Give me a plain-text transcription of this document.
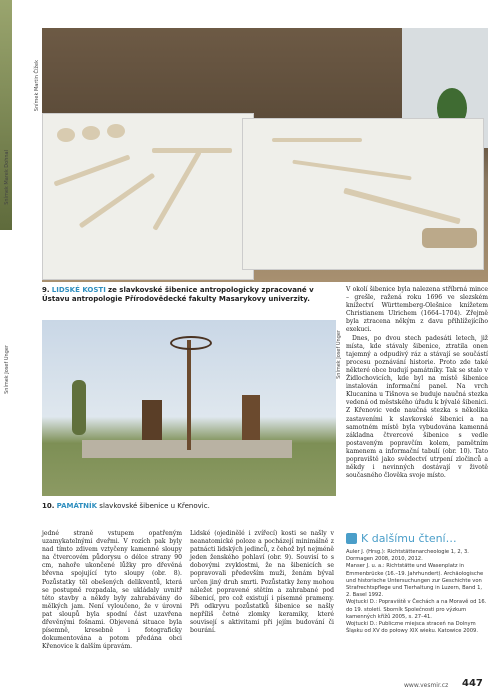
Snímek Marek Dohnal
Snímek Josef Unger
Snímek Martin Čížek
9. LIDSKÉ KOSTI ze slavkovské šibenice antropologicky zpracované v Ústavu antropologie Přírodovědecké fakulty Masarykovy univerzity.

V okolí šibenice byla nalezena stříbrná mince – grešle, ražená roku 1696 ve slezském knížectví Württemberg-Olešnice knížetem Christianem Ulrichem (1664–1704). Zřejmě byla ztracena někým z davu přihlížejícího exekuci.

Dnes, po dvou stech padesáti letech, již místa, kde stávaly šibenice, ztratila onen tajemný a odpudivý ráz a stávají se součástí procesu poznávání historie. Proto zde také některé obce budují památníky. Tak se stalo v Židlochovicích, kde byl na místě šibenice instalován informační panel. Na vrch Klucanina u Tišnova se buduje naučná stezka vedená od městského úřadu k bývalé šibenici. Z Křenovic vede naučná stezka s několika zastaveními k slavkovské šibenici a na samotném místě byla vybudována kamenná základna čtvercové šibenice s vedle postaveným popravčím kolem, pamětním kamenem a informační tabulí (obr. 10). Tato popraviště jako svědectví utrpení zločinců a někdy i nevinných dostávají v životě současného člověka svoje místo.

Snímek Josef Unger
10. PAMÁTNÍK slavkovské šibenice u Křenovic.

jedné straně vstupem opatřeným uzamykatelnými dveřmi. V rozích pak byly nad tímto zdivem vztyčeny kamenné sloupy na čtvercovém půdorysu o délce strany 90 cm, nahoře ukončené lůžky pro dřevěná břevna spojující tyto sloupy (obr. 8). Pozůstatky těl obešených delikventů, která se postupně rozpadala, se ukládaly uvnitř této stavby a někdy byly zahrabávány do mělkých jam. Není vyloučeno, že v úrovni pat sloupů byla spodní část uzavřena dřevěnými fošnami. Objevená situace byla písemně, kresebně i fotograficky dokumentována a potom předána obci Křenovice k dalším úpravám.

Lidské (ojedinělé i zvířecí) kosti se našly v neanatomické poloze a pocházejí minimálně z patnácti lidských jedinců, z čehož byl nejméně jeden ženského pohlaví (obr. 9). Souvisí to s dobovými zvyklostmi, že na šibenicích se popravovali především muži, ženám býval určen jiný druh smrti. Pozůstatky ženy mohou náležet popravené stětím a zahrabané pod šibenicí, pro což existují i písemné prameny. Při odkryvu pozůstatků šibenice se našly nepříliš četné zlomky keramiky, které souvisejí s aktivitami při jejím budování či bourání.

K dalšímu čtení…
Auler J. (Hrsg.): Richtstättenarcheologie 1, 2, 3. Dormagen 2008, 2010, 2012.
Manser J. u. a.: Richtstätte und Wasenplatz in Emmenbrücke (16.–19. Jahrhundert). Archäologische und historische Untersuchungen zur Geschichte von Strafrechtspflege und Tierhaltung in Luzern, Band 1, 2. Basel 1992.
Wojtucki D.: Popraviště v Čechách a na Moravě od 16. do 19. století. Sborník Společnosti pro výzkum kamenných křížů 2005, s. 27–41.
Wojtucki D.: Publiczne miejsca straceń na Dolnym Śląsku od XV do połowy XIX wieku. Katowice 2009.
www.vesmir.cz 447
